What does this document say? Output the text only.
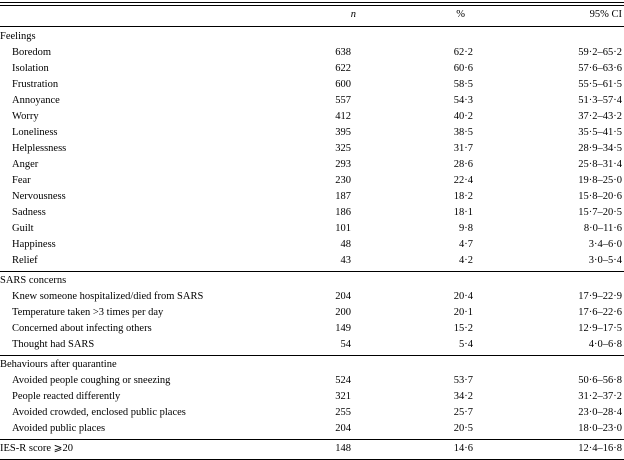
n	%	95% CI
Feelings
Boredom	638	62·2	59·2–65·2
Isolation	622	60·6	57·6–63·6
Frustration	600	58·5	55·5–61·5
Annoyance	557	54·3	51·3–57·4
Worry	412	40·2	37·2–43·2
Loneliness	395	38·5	35·5–41·5
Helplessness	325	31·7	28·9–34·5
Anger	293	28·6	25·8–31·4
Fear	230	22·4	19·8–25·0
Nervousness	187	18·2	15·8–20·6
Sadness	186	18·1	15·7–20·5
Guilt	101	9·8	8·0–11·6
Happiness	48	4·7	3·4–6·0
Relief	43	4·2	3·0–5·4
SARS concerns
Knew someone hospitalized/died from SARS	204	20·4	17·9–22·9
Temperature taken >3 times per day	200	20·1	17·6–22·6
Concerned about infecting others	149	15·2	12·9–17·5
Thought had SARS	54	5·4	4·0–6·8
Behaviours after quarantine
Avoided people coughing or sneezing	524	53·7	50·6–56·8
People reacted differently	321	34·2	31·2–37·2
Avoided crowded, enclosed public places	255	25·7	23·0–28·4
Avoided public places	204	20·5	18·0–23·0
IES-R score ⩾20	148	14·6	12·4–16·8
